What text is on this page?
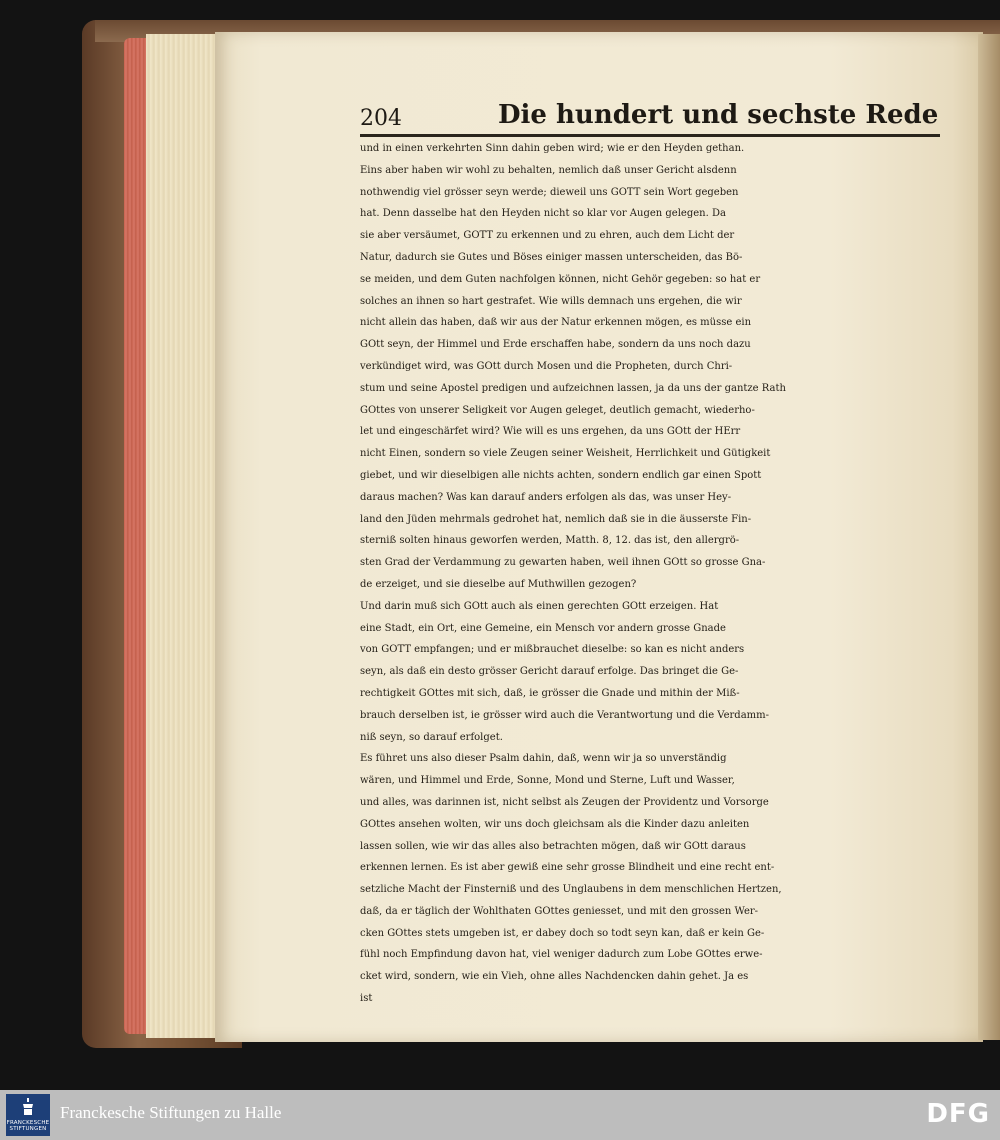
204	Die hundert und sechste Rede
und in einen verkehrten Sinn dahin geben wird; wie er den Heyden gethan.
Eins aber haben wir wohl zu behalten, nemlich daß unser Gericht alsdenn
nothwendig viel grösser seyn werde; dieweil uns GOTT sein Wort gegeben
hat. Denn dasselbe hat den Heyden nicht so klar vor Augen gelegen. Da
sie aber versäumet, GOTT zu erkennen und zu ehren, auch dem Licht der
Natur, dadurch sie Gutes und Böses einiger massen unterscheiden, das Bö-
se meiden, und dem Guten nachfolgen können, nicht Gehör gegeben: so hat er
solches an ihnen so hart gestrafet. Wie wills demnach uns ergehen, die wir
nicht allein das haben, daß wir aus der Natur erkennen mögen, es müsse ein
GOtt seyn, der Himmel und Erde erschaffen habe, sondern da uns noch dazu
verkündiget wird, was GOtt durch Mosen und die Propheten, durch Chri-
stum und seine Apostel predigen und aufzeichnen lassen, ja da uns der gantze Rath
GOttes von unserer Seligkeit vor Augen geleget, deutlich gemacht, wiederho-
let und eingeschärfet wird? Wie will es uns ergehen, da uns GOtt der HErr
nicht Einen, sondern so viele Zeugen seiner Weisheit, Herrlichkeit und Gütigkeit
giebet, und wir dieselbigen alle nichts achten, sondern endlich gar einen Spott
daraus machen? Was kan darauf anders erfolgen als das, was unser Hey-
land den Jüden mehrmals gedrohet hat, nemlich daß sie in die äusserste Fin-
sterniß solten hinaus geworfen werden, Matth. 8, 12. das ist, den allergrö-
sten Grad der Verdammung zu gewarten haben, weil ihnen GOtt so grosse Gna-
de erzeiget, und sie dieselbe auf Muthwillen gezogen?
Und darin muß sich GOtt auch als einen gerechten GOtt erzeigen. Hat
eine Stadt, ein Ort, eine Gemeine, ein Mensch vor andern grosse Gnade
von GOTT empfangen; und er mißbrauchet dieselbe: so kan es nicht anders
seyn, als daß ein desto grösser Gericht darauf erfolge. Das bringet die Ge-
rechtigkeit GOttes mit sich, daß, ie grösser die Gnade und mithin der Miß-
brauch derselben ist, ie grösser wird auch die Verantwortung und die Verdamm-
niß seyn, so darauf erfolget.
Es führet uns also dieser Psalm dahin, daß, wenn wir ja so unverständig
wären, und Himmel und Erde, Sonne, Mond und Sterne, Luft und Wasser,
und alles, was darinnen ist, nicht selbst als Zeugen der Providentz und Vorsorge
GOttes ansehen wolten, wir uns doch gleichsam als die Kinder dazu anleiten
lassen sollen, wie wir das alles also betrachten mögen, daß wir GOtt daraus
erkennen lernen. Es ist aber gewiß eine sehr grosse Blindheit und eine recht ent-
setzliche Macht der Finsterniß und des Unglaubens in dem menschlichen Hertzen,
daß, da er täglich der Wohlthaten GOttes geniesset, und mit den grossen Wer-
cken GOttes stets umgeben ist, er dabey doch so todt seyn kan, daß er kein Ge-
fühl noch Empfindung davon hat, viel weniger dadurch zum Lobe GOttes erwe-
cket wird, sondern, wie ein Vieh, ohne alles Nachdencken dahin gehet. Ja es
ist
FRANCKESCHE STIFTUNGEN
Franckesche Stiftungen zu Halle	DFG
